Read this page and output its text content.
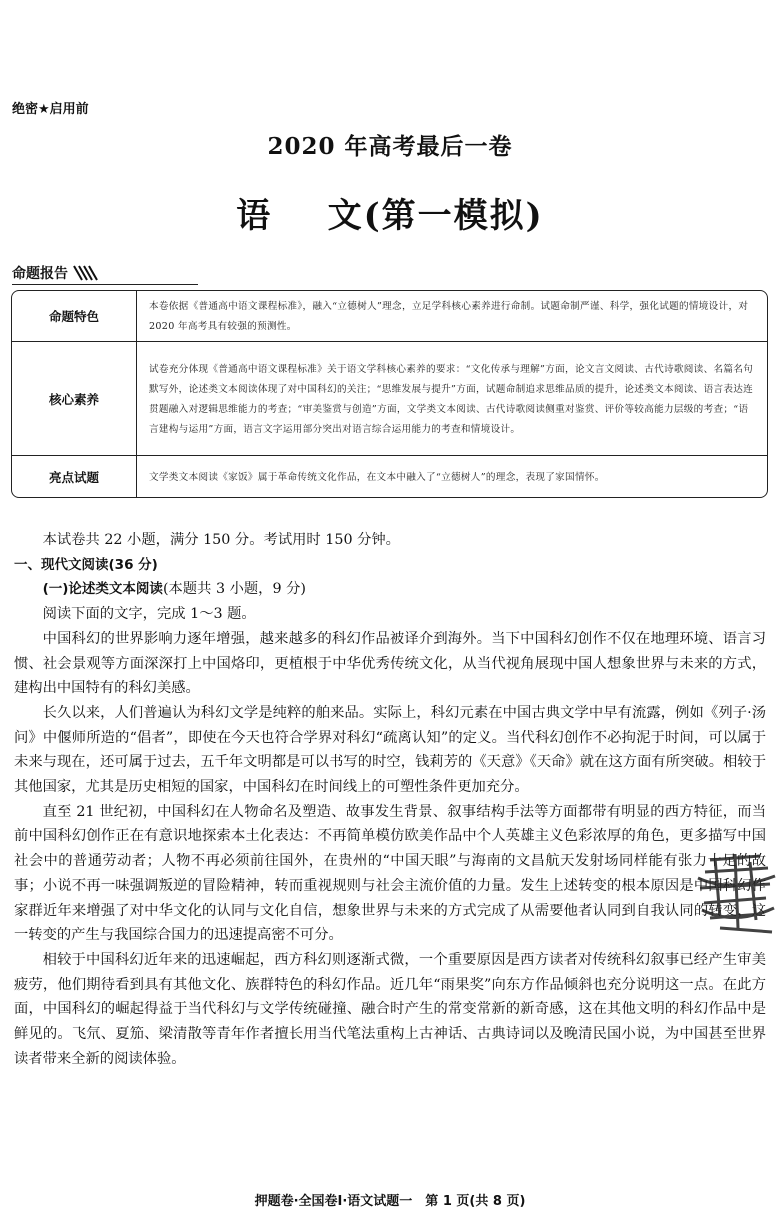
绝密★启用前
2020 年高考最后一卷
语    文(第一模拟)
命题报告
命题特色
本卷依据《普通高中语文课程标准》，融入“立德树人”理念，立足学科核心素养进行命制。试题命制严谨、科学，强化试题的情境设计，对 2020 年高考具有较强的预测性。
核心素养
试卷充分体现《普通高中语文课程标准》关于语文学科核心素养的要求：“文化传承与理解”方面，论文言文阅读、古代诗歌阅读、名篇名句默写外，论述类文本阅读体现了对中国科幻的关注；“思维发展与提升”方面，试题命制追求思维品质的提升，论述类文本阅读、语言表达连贯题融入对逻辑思维能力的考查；“审美鉴赏与创造”方面，文学类文本阅读、古代诗歌阅读侧重对鉴赏、评价等较高能力层级的考查；“语言建构与运用”方面，语言文字运用部分突出对语言综合运用能力的考查和情境设计。
亮点试题	文学类文本阅读《家饭》属于革命传统文化作品，在文本中融入了“立德树人”的理念，表现了家国情怀。

本试卷共 22 小题，满分 150 分。考试用时 150 分钟。

一、现代文阅读(36 分)

(一)论述类文本阅读(本题共 3 小题，9 分)

阅读下面的文字，完成 1～3 题。

中国科幻的世界影响力逐年增强，越来越多的科幻作品被译介到海外。当下中国科幻创作不仅在地理环境、语言习惯、社会景观等方面深深打上中国烙印，更植根于中华优秀传统文化，从当代视角展现中国人想象世界与未来的方式，建构出中国特有的科幻美感。

长久以来，人们普遍认为科幻文学是纯粹的舶来品。实际上，科幻元素在中国古典文学中早有流露，例如《列子·汤问》中偃师所造的“倡者”，即使在今天也符合学界对科幻“疏离认知”的定义。当代科幻创作不必拘泥于时间，可以属于未来与现在，还可属于过去，五千年文明都是可以书写的时空，钱莉芳的《天意》《天命》就在这方面有所突破。相较于其他国家，尤其是历史相短的国家，中国科幻在时间线上的可塑性条件更加充分。

直至 21 世纪初，中国科幻在人物命名及塑造、故事发生背景、叙事结构手法等方面都带有明显的西方特征，而当前中国科幻创作正在有意识地探索本土化表达：不再简单模仿欧美作品中个人英雄主义色彩浓厚的角色，更多描写中国社会中的普通劳动者；人物不再必须前往国外，在贵州的“中国天眼”与海南的文昌航天发射场同样能有张力十足的故事；小说不再一味强调叛逆的冒险精神，转而重视规则与社会主流价值的力量。发生上述转变的根本原因是中国科幻作家群近年来增强了对中华文化的认同与文化自信，想象世界与未来的方式完成了从需要他者认同到自我认同的转变，这一转变的产生与我国综合国力的迅速提高密不可分。

相较于中国科幻近年来的迅速崛起，西方科幻则逐渐式微，一个重要原因是西方读者对传统科幻叙事已经产生审美疲劳，他们期待看到具有其他文化、族群特色的科幻作品。近几年“雨果奖”向东方作品倾斜也充分说明这一点。在此方面，中国科幻的崛起得益于当代科幻与文学传统碰撞、融合时产生的常变常新的新奇感，这在其他文明的科幻作品中是鲜见的。飞氘、夏笳、梁清散等青年作者擅长用当代笔法重构上古神话、古典诗词以及晚清民国小说，为中国甚至世界读者带来全新的阅读体验。

押题卷·全国卷Ⅰ·语文试题一　第 1 页(共 8 页)
